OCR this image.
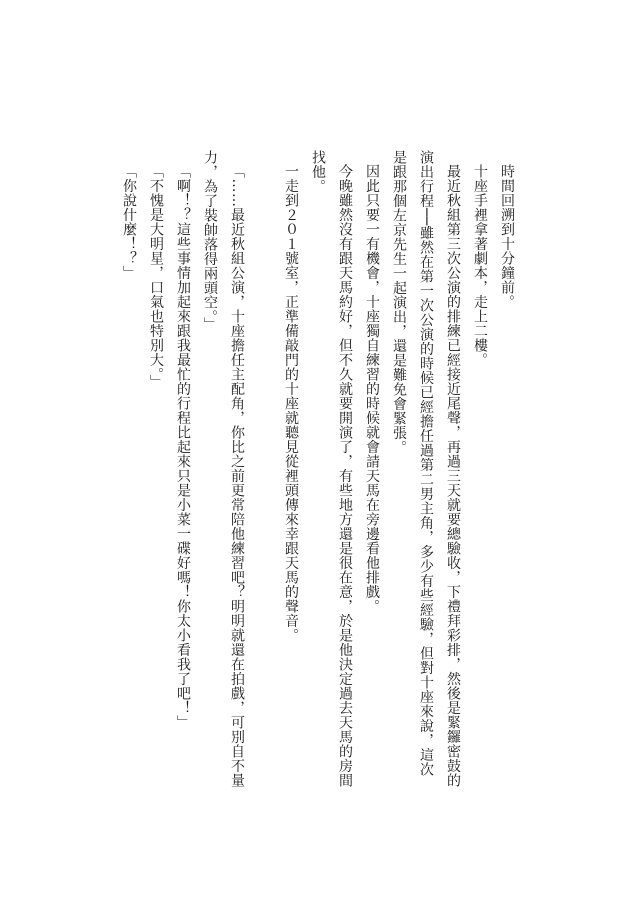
時間回溯到十分鐘前。

十座手裡拿著劇本，走上二樓。

最近秋組第三次公演的排練已經接近尾聲，再過三天就要總驗收，下禮拜彩排，然後是緊鑼密鼓的演出行程──雖然在第一次公演的時候已經擔任過第二男主角，多少有些經驗，但對十座來說，這次是跟那個左京先生一起演出，還是難免會緊張。

因此只要一有機會，十座獨自練習的時候就會請天馬在旁邊看他排戲。

今晚雖然沒有跟天馬約好，但不久就要開演了，有些地方還是很在意，於是他決定過去天馬的房間找他。

一走到２０１號室，正準備敲門的十座就聽見從裡頭傳來幸跟天馬的聲音。

「……最近秋組公演，十座擔任主配角，你比之前更常陪他練習吧？明明就還在拍戲，可別自不量力，為了裝帥落得兩頭空。」

「啊！？這些事情加起來跟我最忙的行程比起來只是小菜一碟好嗎！你太小看我了吧！」

「不愧是大明星，口氣也特別大。」

「你說什麼！？」
